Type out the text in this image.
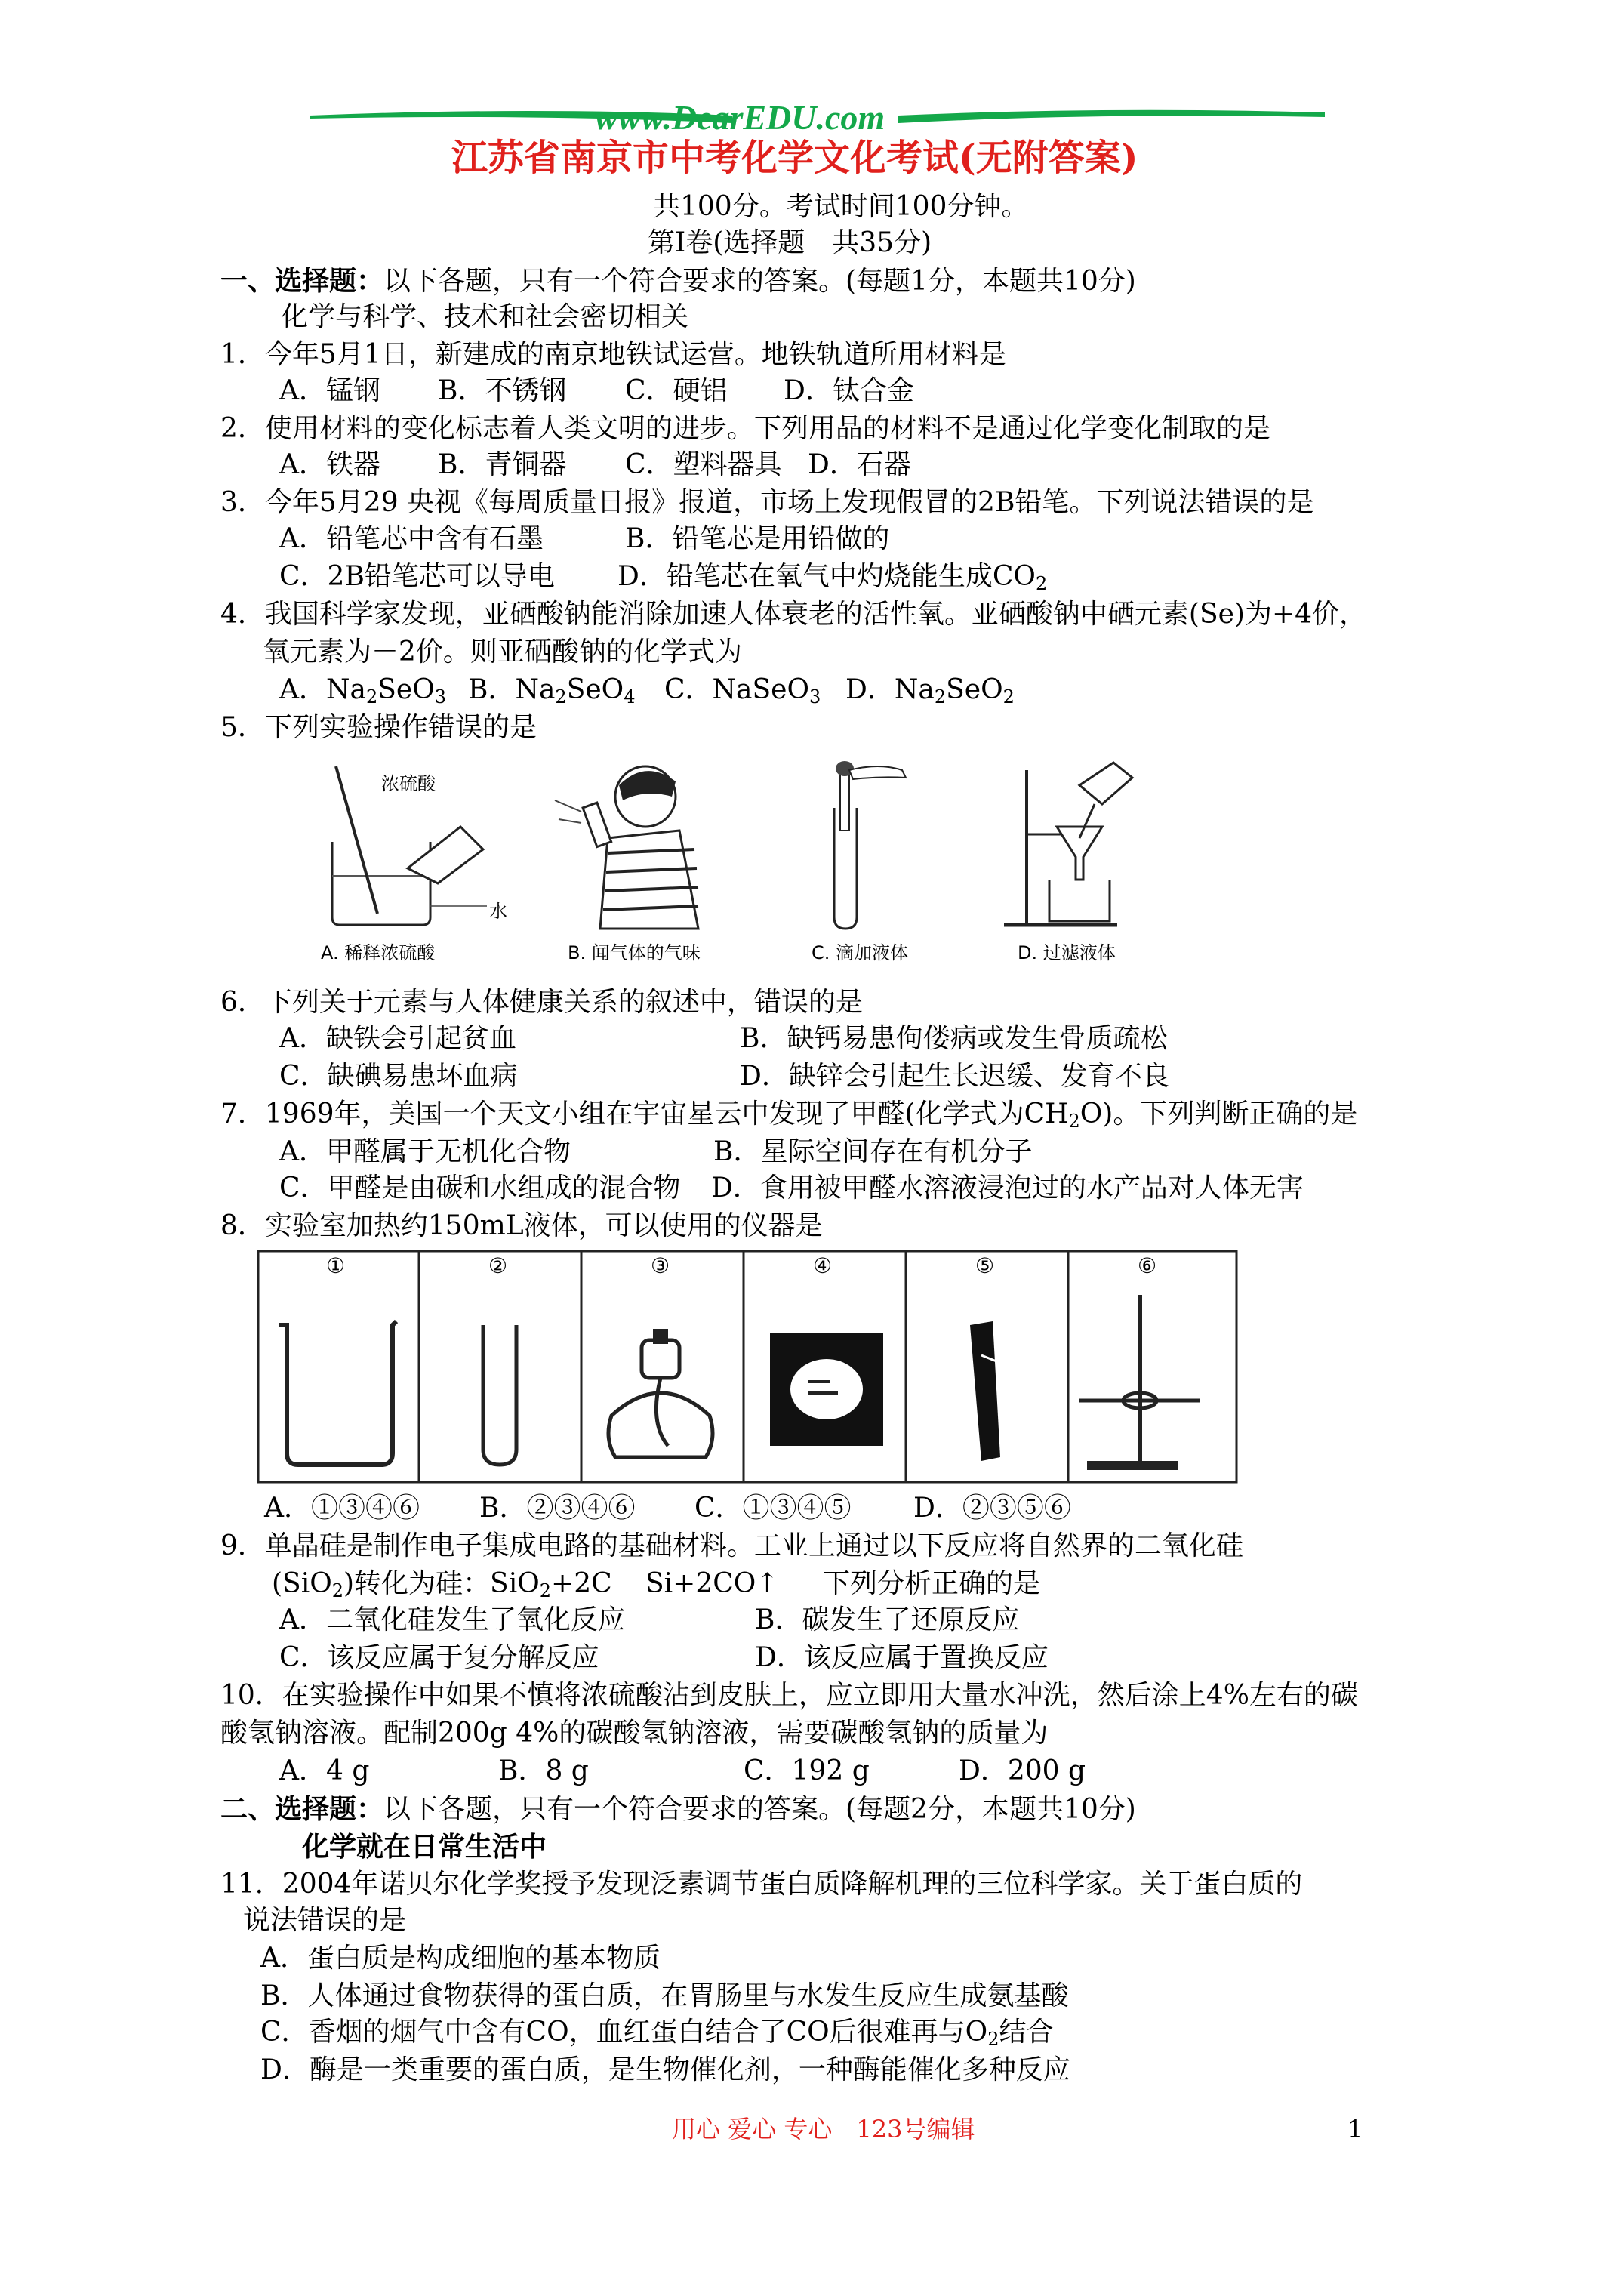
www.DearEDU.com
江苏省南京市中考化学文化考试(无附答案)
共100分。考试时间100分钟。
第Ⅰ卷(选择题　共35分)
一、选择题：以下各题，只有一个符合要求的答案。(每题1分，本题共10分)
化学与科学、技术和社会密切相关
1．今年5月1日，新建成的南京地铁试运营。地铁轨道所用材料是
A．锰钢 B．不锈钢 C．硬铝 D．钛合金
2．使用材料的变化标志着人类文明的进步。下列用品的材料不是通过化学变化制取的是
A．铁器 B．青铜器 C．塑料器具 D．石器
3．今年5月29 央视《每周质量日报》报道，市场上发现假冒的2B铅笔。下列说法错误的是
A．铅笔芯中含有石墨	B．铅笔芯是用铅做的
C．2B铅笔芯可以导电 D．铅笔芯在氧气中灼烧能生成$CO_2$
4．我国科学家发现，亚硒酸钠能消除加速人体衰老的活性氧。亚硒酸钠中硒元素(Se)为+4价，
氧元素为－2价。则亚硒酸钠的化学式为
A．$Na_2SeO_3$ B．$Na_2SeO_4$ C．NaSeO$_3$ D．$Na_2SeO_2$
5．下列实验操作错误的是
浓硫酸
水
A. 稀释浓硫酸	B. 闻气体的气味	C. 滴加液体	D. 过滤液体
6．下列关于元素与人体健康关系的叙述中，错误的是
A．缺铁会引起贫血	B．缺钙易患佝偻病或发生骨质疏松
C．缺碘易患坏血病	D．缺锌会引起生长迟缓、发育不良
7．1969年，美国一个天文小组在宇宙星云中发现了甲醛(化学式为$CH_2O$)。下列判断正确的是
A．甲醛属于无机化合物	B．星际空间存在有机分子
C．甲醛是由碳和水组成的混合物 D．食用被甲醛水溶液浸泡过的水产品对人体无害
8．实验室加热约150mL液体，可以使用的仪器是
①	②	③	④	⑤	⑥
A．①③④⑥ B．②③④⑥ C．①③④⑤ D．②③⑤⑥
9．单晶硅是制作电子集成电路的基础材料。工业上通过以下反应将自然界的二氧化硅
(SiO$_2$)转化为硅：SiO$_2$+2C Si+2CO↑ 下列分析正确的是
A．二氧化硅发生了氧化反应	B．碳发生了还原反应
C．该反应属于复分解反应	D．该反应属于置换反应
10．在实验操作中如果不慎将浓硫酸沾到皮肤上，应立即用大量水冲洗，然后涂上4%左右的碳
酸氢钠溶液。配制200g 4%的碳酸氢钠溶液，需要碳酸氢钠的质量为
A．4 g	B．8 g	C．192 g	D．200 g
二、选择题：以下各题，只有一个符合要求的答案。(每题2分，本题共10分)
化学就在日常生活中
11．2004年诺贝尔化学奖授予发现泛素调节蛋白质降解机理的三位科学家。关于蛋白质的
说法错误的是
A．蛋白质是构成细胞的基本物质
B．人体通过食物获得的蛋白质，在胃肠里与水发生反应生成氨基酸
C．香烟的烟气中含有CO，血红蛋白结合了CO后很难再与$O_2$结合
D．酶是一类重要的蛋白质，是生物催化剂，一种酶能催化多种反应
用心 爱心 专心　123号编辑	1
